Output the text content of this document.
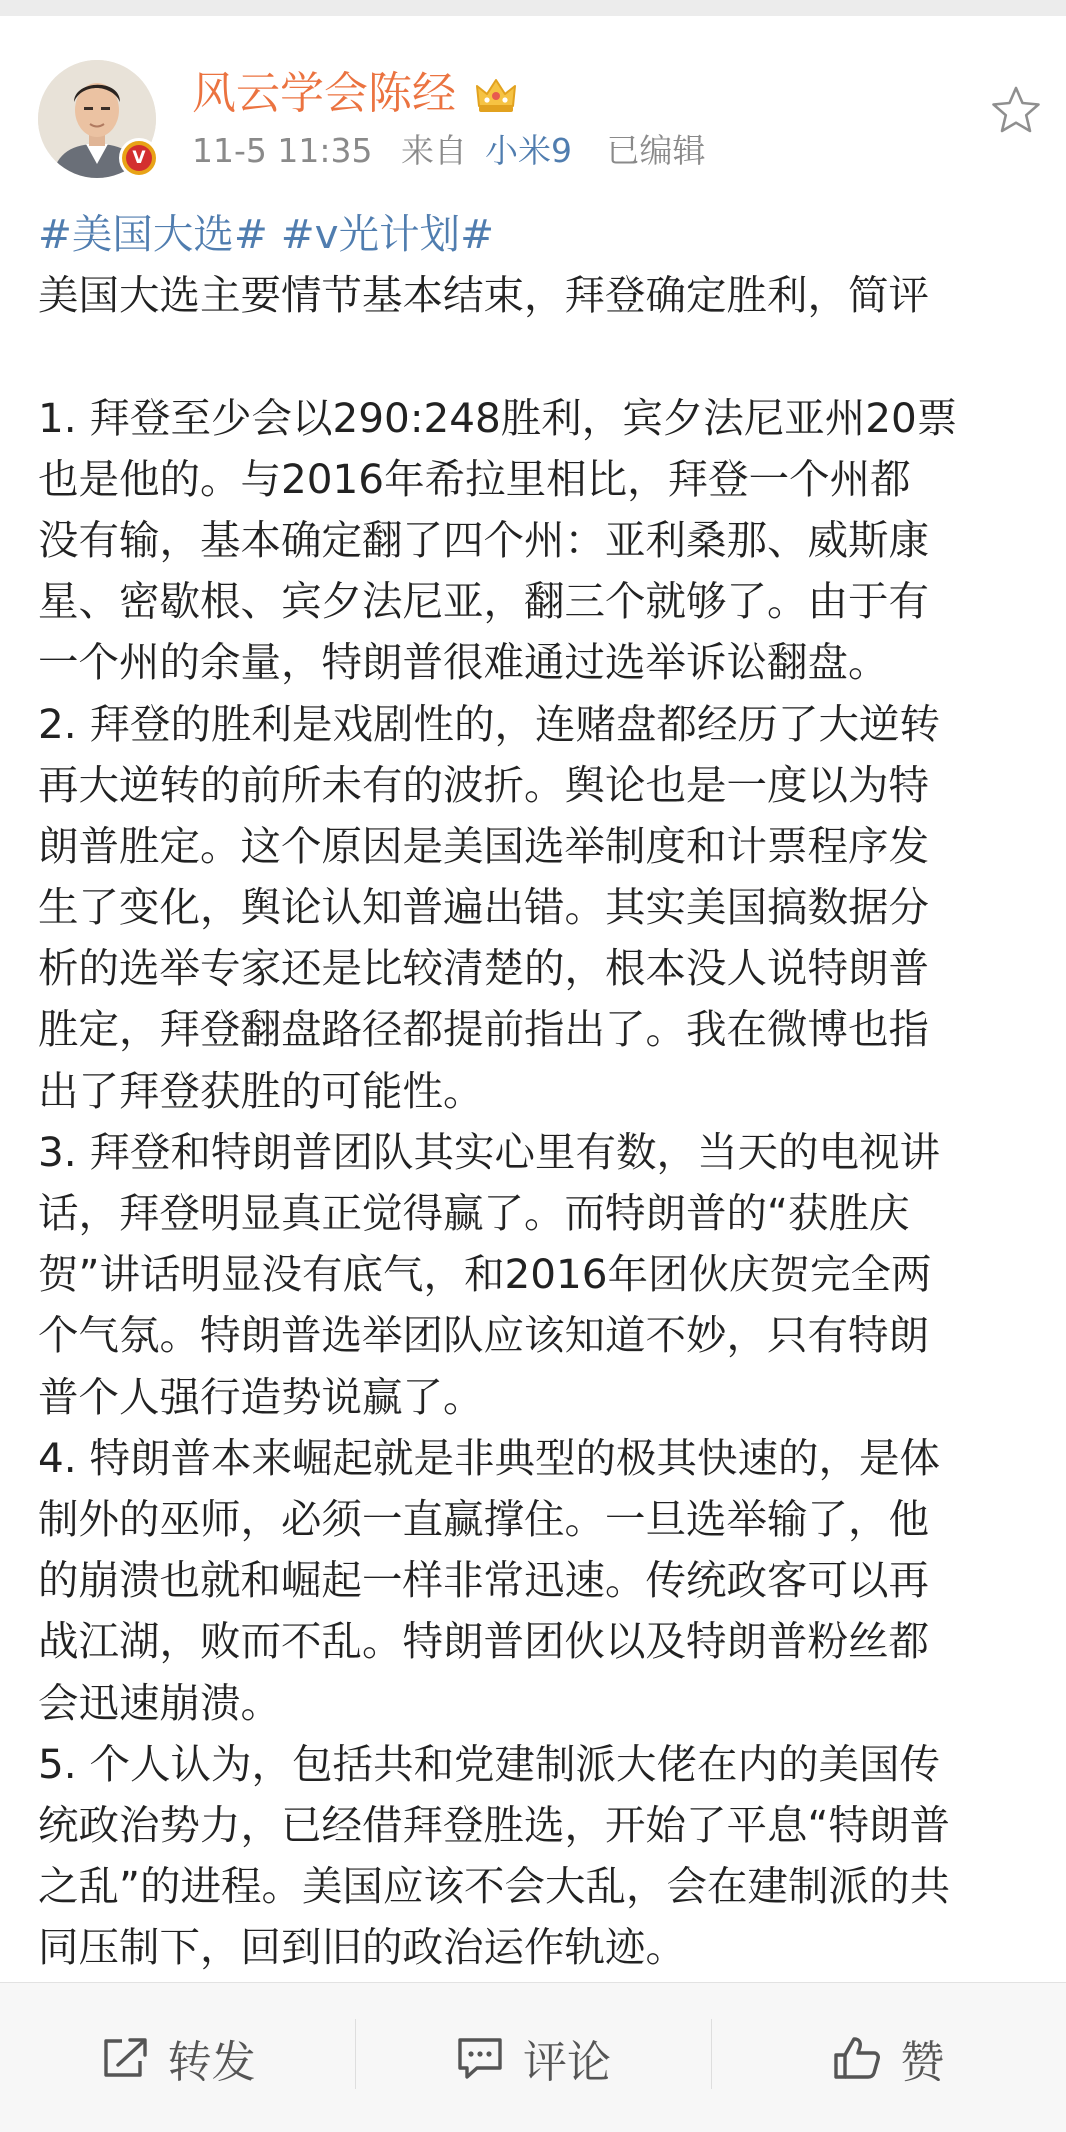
V
风云学会陈经
11-5 11:35 来自 小米9 已编辑
#美国大选# #v光计划#
美国大选主要情节基本结束，拜登确定胜利，简评
1. 拜登至少会以290:248胜利，宾夕法尼亚州20票
也是他的。与2016年希拉里相比，拜登一个州都
没有输，基本确定翻了四个州：亚利桑那、威斯康
星、密歇根、宾夕法尼亚，翻三个就够了。由于有
一个州的余量，特朗普很难通过选举诉讼翻盘。
2. 拜登的胜利是戏剧性的，连赌盘都经历了大逆转
再大逆转的前所未有的波折。舆论也是一度以为特
朗普胜定。这个原因是美国选举制度和计票程序发
生了变化，舆论认知普遍出错。其实美国搞数据分
析的选举专家还是比较清楚的，根本没人说特朗普
胜定，拜登翻盘路径都提前指出了。我在微博也指
出了拜登获胜的可能性。
3. 拜登和特朗普团队其实心里有数，当天的电视讲
话，拜登明显真正觉得赢了。而特朗普的“获胜庆
贺”讲话明显没有底气，和2016年团伙庆贺完全两
个气氛。特朗普选举团队应该知道不妙，只有特朗
普个人强行造势说赢了。
4. 特朗普本来崛起就是非典型的极其快速的，是体
制外的巫师，必须一直赢撑住。一旦选举输了，他
的崩溃也就和崛起一样非常迅速。传统政客可以再
战江湖，败而不乱。特朗普团伙以及特朗普粉丝都
会迅速崩溃。
5. 个人认为，包括共和党建制派大佬在内的美国传
统政治势力，已经借拜登胜选，开始了平息“特朗普
之乱”的进程。美国应该不会大乱，会在建制派的共
同压制下，回到旧的政治运作轨迹。
转发	评论	赞
